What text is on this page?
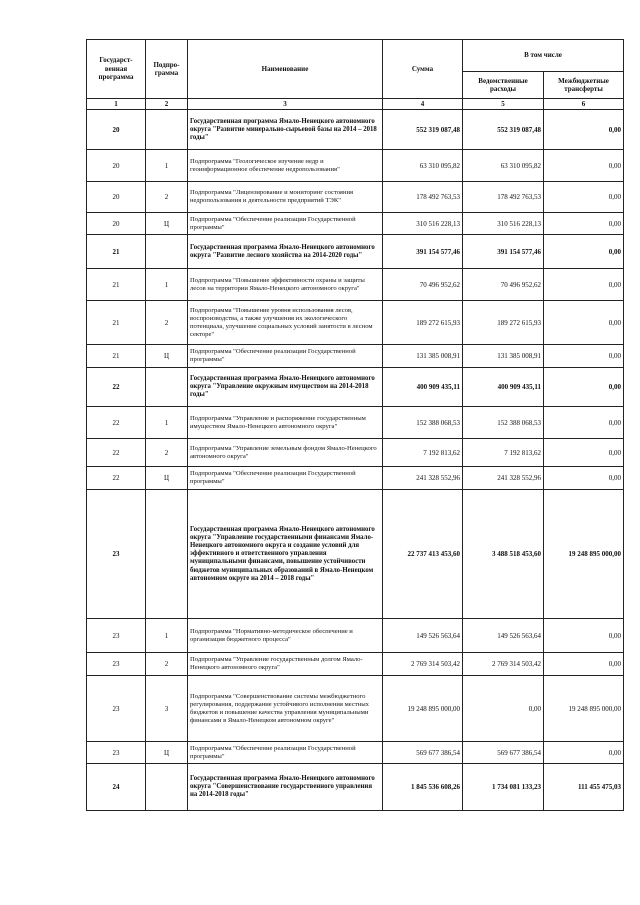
Государст-венная программа	Подпро-грамма	Наименование	Сумма	В том числе	
				Ведомственные расходы	Межбюджетные трансферты
1	2	3	4	5	6
20		Государственная программа Ямало-Ненецкого автономного округа "Развитие минерально-сырьевой базы на 2014 – 2018 годы"	552 319 087,48	552 319 087,48	0,00
20	1	Подпрограмма "Геологическое изучение недр и геоинформационное обеспечение недропользования"	63 310 095,82	63 310 095,82	0,00
20	2	Подпрограмма "Лицензирование и мониторинг состояния недропользования и деятельности предприятий ТЭК"	178 492 763,53	178 492 763,53	0,00
20	Ц	Подпрограмма "Обеспечение реализации Государственной программы"	310 516 228,13	310 516 228,13	0,00
21		Государственная программа Ямало-Ненецкого автономного округа "Развитие лесного хозяйства на 2014-2020 годы"	391 154 577,46	391 154 577,46	0,00
21	1	Подпрограмма "Повышение эффективности охраны и защиты лесов на территории Ямало-Ненецкого автономного округа"	70 496 952,62	70 496 952,62	0,00
21	2	Подпрограмма "Повышение уровня использования лесов, воспроизводства, а также улучшения их экологического потенциала, улучшение социальных условий занятости в лесном секторе"	189 272 615,93	189 272 615,93	0,00
21	Ц	Подпрограмма "Обеспечение реализации Государственной программы"	131 385 008,91	131 385 008,91	0,00
22		Государственная программа Ямало-Ненецкого автономного округа "Управление окружным имуществом на 2014-2018 годы"	400 909 435,11	400 909 435,11	0,00
22	1	Подпрограмма "Управление и распоряжение государственным имуществом Ямало-Ненецкого автономного округа"	152 388 068,53	152 388 068,53	0,00
22	2	Подпрограмма "Управление земельным фондом Ямало-Ненецкого автономного округа"	7 192 813,62	7 192 813,62	0,00
22	Ц	Подпрограмма "Обеспечение реализации Государственной программы"	241 328 552,96	241 328 552,96	0,00
23		Государственная программа Ямало-Ненецкого автономного округа "Управление государственными финансами Ямало-Ненецкого автономного округа и создание условий для эффективного и ответственного управления муниципальными финансами, повышение устойчивости бюджетов муниципальных образований в Ямало-Ненецком автономном округе на 2014 – 2018 годы"	22 737 413 453,60	3 488 518 453,60	19 248 895 000,00
23	1	Подпрограмма "Нормативно-методическое обеспечение и организация бюджетного процесса"	149 526 563,64	149 526 563,64	0,00
23	2	Подпрограмма "Управление государственным долгом Ямало-Ненецкого автономного округа"	2 769 314 503,42	2 769 314 503,42	0,00
23	3	Подпрограмма "Совершенствование системы межбюджетного регулирования, поддержание устойчивого исполнения местных бюджетов и повышение качества управления муниципальными финансами в Ямало-Ненецком автономном округе"	19 248 895 000,00	0,00	19 248 895 000,00
23	Ц	Подпрограмма "Обеспечение реализации Государственной программы"	569 677 386,54	569 677 386,54	0,00
24		Государственная программа Ямало-Ненецкого автономного округа "Совершенствование государственного управления на 2014-2018 годы"	1 845 536 608,26	1 734 081 133,23	111 455 475,03
